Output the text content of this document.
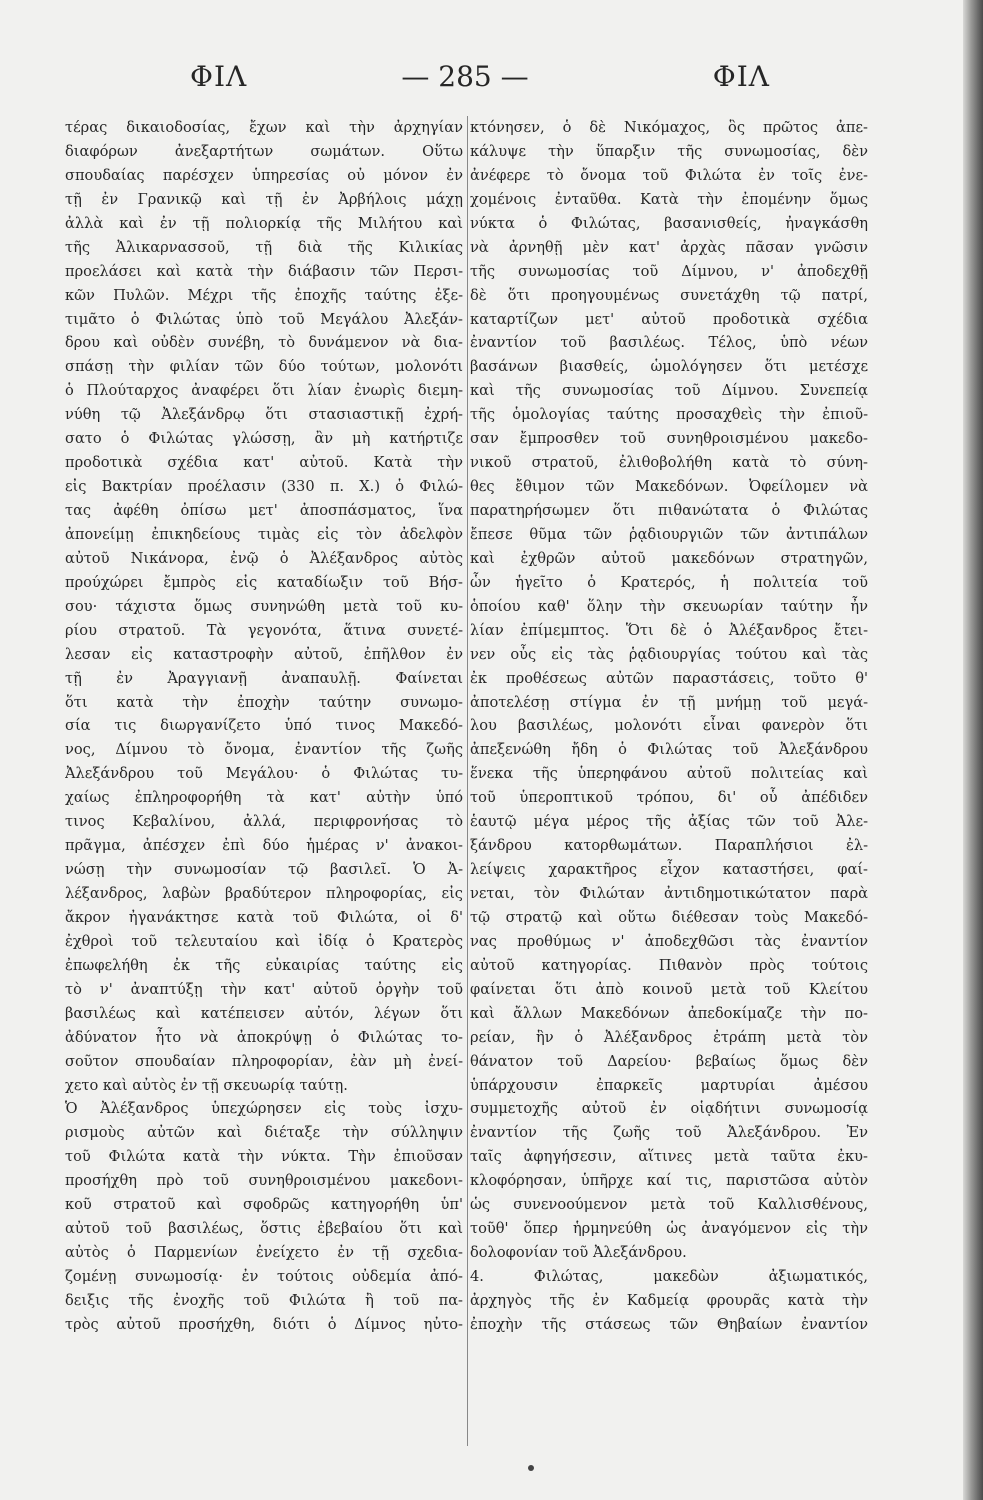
ΦΙΛ	— 285 —	ΦΙΛ
τέρας δικαιοδοσίας, ἔχων καὶ τὴν ἀρχηγίαν
διαφόρων ἀνεξαρτήτων σωμάτων. Οὕτω
σπουδαίας παρέσχεν ὑπηρεσίας οὐ μόνον ἐν
τῇ ἐν Γρανικῷ καὶ τῇ ἐν Ἀρβήλοις μάχῃ
ἀλλὰ καὶ ἐν τῇ πολιορκίᾳ τῆς Μιλήτου καὶ
τῆς Ἀλικαρνασσοῦ, τῇ διὰ τῆς Κιλικίας
προελάσει καὶ κατὰ τὴν διάβασιν τῶν Περσι-
κῶν Πυλῶν. Μέχρι τῆς ἐποχῆς ταύτης ἐξε-
τιμᾶτο ὁ Φιλώτας ὑπὸ τοῦ Μεγάλου Ἀλεξάν-
δρου καὶ οὐδὲν συνέβη, τὸ δυνάμενον νὰ δια-
σπάσῃ τὴν φιλίαν τῶν δύο τούτων, μολονότι
ὁ Πλούταρχος ἀναφέρει ὅτι λίαν ἐνωρὶς διεμη-
νύθη τῷ Ἀλεξάνδρῳ ὅτι στασιαστικῇ ἐχρή-
σατο ὁ Φιλώτας γλώσσῃ, ἂν μὴ κατήρτιζε
προδοτικὰ σχέδια κατ' αὐτοῦ. Κατὰ τὴν
εἰς Βακτρίαν προέλασιν (330 π. Χ.) ὁ Φιλώ-
τας ἀφέθη ὀπίσω μετ' ἀποσπάσματος, ἵνα
ἀπονείμῃ ἐπικηδείους τιμὰς εἰς τὸν ἀδελφὸν
αὐτοῦ Νικάνορα, ἐνῷ ὁ Ἀλέξανδρος αὐτὸς
προύχώρει ἔμπρὸς εἰς καταδίωξιν τοῦ Βήσ-
σου· τάχιστα ὅμως συνηνώθη μετὰ τοῦ κυ-
ρίου στρατοῦ. Τὰ γεγονότα, ἅτινα συνετέ-
λεσαν εἰς καταστροφὴν αὐτοῦ, ἐπῆλθον ἐν
τῇ ἐν Ἀραγγιανῇ ἀναπαυλῇ. Φαίνεται
ὅτι κατὰ τὴν ἐποχὴν ταύτην συνωμο-
σία τις διωργανίζετο ὑπό τινος Μακεδό-
νος, Δίμνου τὸ ὄνομα, ἐναντίον τῆς ζωῆς
Ἀλεξάνδρου τοῦ Μεγάλου· ὁ Φιλώτας τυ-
χαίως ἐπληροφορήθη τὰ κατ' αὐτὴν ὑπό
τινος Κεβαλίνου, ἀλλά, περιφρονήσας τὸ
πρᾶγμα, ἀπέσχεν ἐπὶ δύο ἡμέρας ν' ἀνακοι-
νώσῃ τὴν συνωμοσίαν τῷ βασιλεῖ. Ὁ Ἀ-
λέξανδρος, λαβὼν βραδύτερον πληροφορίας, εἰς
ἄκρον ἠγανάκτησε κατὰ τοῦ Φιλώτα, οἱ δ'
ἐχθροὶ τοῦ τελευταίου καὶ ἰδίᾳ ὁ Κρατερὸς
ἐπωφελήθη ἐκ τῆς εὐκαιρίας ταύτης εἰς
τὸ ν' ἀναπτύξῃ τὴν κατ' αὐτοῦ ὀργὴν τοῦ
βασιλέως καὶ κατέπεισεν αὐτόν, λέγων ὅτι
ἀδύνατον ἦτο νὰ ἀποκρύψῃ ὁ Φιλώτας το-
σοῦτον σπουδαίαν πληροφορίαν, ἐὰν μὴ ἐνεί-
χετο καὶ αὐτὸς ἐν τῇ σκευωρίᾳ ταύτῃ.
Ὁ Ἀλέξανδρος ὑπεχώρησεν εἰς τοὺς ἰσχυ-
ρισμοὺς αὐτῶν καὶ διέταξε τὴν σύλληψιν
τοῦ Φιλώτα κατὰ τὴν νύκτα. Τὴν ἐπιοῦσαν
προσήχθη πρὸ τοῦ συνηθροισμένου μακεδονι-
κοῦ στρατοῦ καὶ σφοδρῶς κατηγορήθη ὑπ'
αὐτοῦ τοῦ βασιλέως, ὅστις ἐβεβαίου ὅτι καὶ
αὐτὸς ὁ Παρμενίων ἐνείχετο ἐν τῇ σχεδια-
ζομένῃ συνωμοσίᾳ· ἐν τούτοις οὐδεμία ἀπό-
δειξις τῆς ἐνοχῆς τοῦ Φιλώτα ἢ τοῦ πα-
τρὸς αὐτοῦ προσήχθη, διότι ὁ Δίμνος ηὐτο-
κτόνησεν, ὁ δὲ Νικόμαχος, ὃς πρῶτος ἀπε-
κάλυψε τὴν ὕπαρξιν τῆς συνωμοσίας, δὲν
ἀνέφερε τὸ ὄνομα τοῦ Φιλώτα ἐν τοῖς ἐνε-
χομένοις ἐνταῦθα. Κατὰ τὴν ἐπομένην ὅμως
νύκτα ὁ Φιλώτας, βασανισθείς, ἠναγκάσθη
νὰ ἀρνηθῇ μὲν κατ' ἀρχὰς πᾶσαν γνῶσιν
τῆς συνωμοσίας τοῦ Δίμνου, ν' ἀποδεχθῇ
δὲ ὅτι προηγουμένως συνετάχθη τῷ πατρί,
καταρτίζων μετ' αὐτοῦ προδοτικὰ σχέδια
ἐναντίον τοῦ βασιλέως. Τέλος, ὑπὸ νέων
βασάνων βιασθείς, ὡμολόγησεν ὅτι μετέσχε
καὶ τῆς συνωμοσίας τοῦ Δίμνου. Συνεπείᾳ
τῆς ὁμολογίας ταύτης προσαχθεὶς τὴν ἐπιοῦ-
σαν ἔμπροσθεν τοῦ συνηθροισμένου μακεδο-
νικοῦ στρατοῦ, ἐλιθοβολήθη κατὰ τὸ σύνη-
θες ἔθιμον τῶν Μακεδόνων. Ὀφείλομεν νὰ
παρατηρήσωμεν ὅτι πιθανώτατα ὁ Φιλώτας
ἔπεσε θῦμα τῶν ῥᾳδιουργιῶν τῶν ἀντιπάλων
καὶ ἐχθρῶν αὐτοῦ μακεδόνων στρατηγῶν,
ὧν ἡγεῖτο ὁ Κρατερός, ἡ πολιτεία τοῦ
ὁποίου καθ' ὅλην τὴν σκευωρίαν ταύτην ἦν
λίαν ἐπίμεμπτος. Ὅτι δὲ ὁ Ἀλέξανδρος ἔτει-
νεν οὖς εἰς τὰς ῥᾳδιουργίας τούτου καὶ τὰς
ἐκ προθέσεως αὐτῶν παραστάσεις, τοῦτο θ'
ἀποτελέσῃ στίγμα ἐν τῇ μνήμῃ τοῦ μεγά-
λου βασιλέως, μολονότι εἶναι φανερὸν ὅτι
ἀπεξενώθη ἤδη ὁ Φιλώτας τοῦ Ἀλεξάνδρου
ἕνεκα τῆς ὑπερηφάνου αὐτοῦ πολιτείας καὶ
τοῦ ὑπεροπτικοῦ τρόπου, δι' οὗ ἀπέδιδεν
ἑαυτῷ μέγα μέρος τῆς ἀξίας τῶν τοῦ Ἀλε-
ξάνδρου κατορθωμάτων. Παραπλήσιοι ἐλ-
λείψεις χαρακτῆρος εἶχον καταστήσει, φαί-
νεται, τὸν Φιλώταν ἀντιδημοτικώτατον παρὰ
τῷ στρατῷ καὶ οὕτω διέθεσαν τοὺς Μακεδό-
νας προθύμως ν' ἀποδεχθῶσι τὰς ἐναντίον
αὐτοῦ κατηγορίας. Πιθανὸν πρὸς τούτοις
φαίνεται ὅτι ἀπὸ κοινοῦ μετὰ τοῦ Κλείτου
καὶ ἄλλων Μακεδόνων ἀπεδοκίμαζε τὴν πο-
ρείαν, ἣν ὁ Ἀλέξανδρος ἐτράπη μετὰ τὸν
θάνατον τοῦ Δαρείου· βεβαίως ὅμως δὲν
ὑπάρχουσιν ἐπαρκεῖς μαρτυρίαι ἀμέσου
συμμετοχῆς αὐτοῦ ἐν οἱᾳδήτινι συνωμοσίᾳ
ἐναντίον τῆς ζωῆς τοῦ Ἀλεξάνδρου. Ἐν
ταῖς ἀφηγήσεσιν, αἵτινες μετὰ ταῦτα ἐκυ-
κλοφόρησαν, ὑπῆρχε καί τις, παριστῶσα αὐτὸν
ὡς συνενοούμενον μετὰ τοῦ Καλλισθένους,
τοῦθ' ὅπερ ἡρμηνεύθη ὡς ἀναγόμενον εἰς τὴν
δολοφονίαν τοῦ Ἀλεξάνδρου.
4. Φιλώτας, μακεδὼν ἀξιωματικός,
ἀρχηγὸς τῆς ἐν Καδμείᾳ φρουρᾶς κατὰ τὴν
ἐποχὴν τῆς στάσεως τῶν Θηβαίων ἐναντίον
